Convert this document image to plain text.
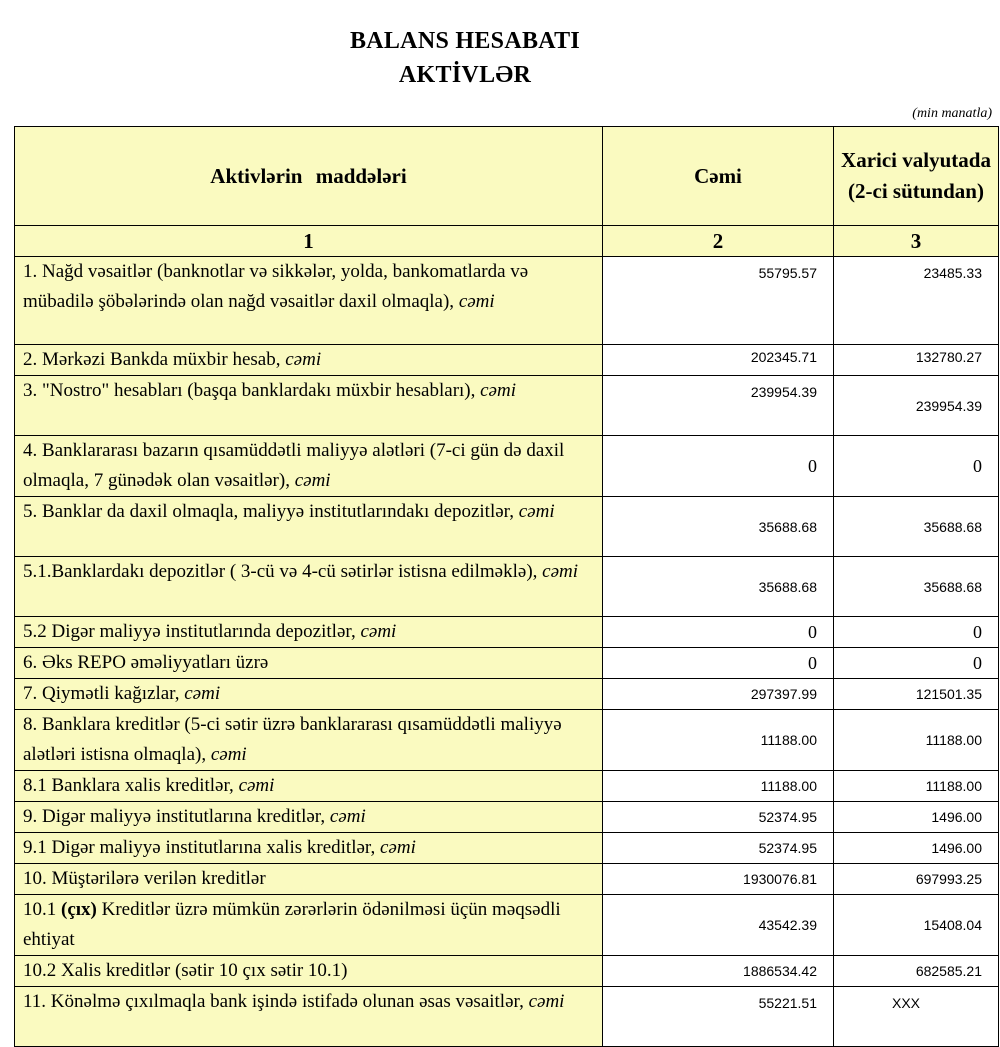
BALANS HESABATI
AKTİVLƏR
(min manatla)
Aktivlərin maddələri	Cəmi	Xarici valyutada (2-ci sütundan)
1	2	3
1. Nağd vəsaitlər (banknotlar və sikkələr, yolda, bankomatlarda və mübadilə şöbələrində olan nağd vəsaitlər daxil olmaqla), cəmi	55795.57	23485.33
2. Mərkəzi Bankda müxbir hesab, cəmi	202345.71	132780.27
3. "Nostro" hesabları (başqa banklardakı müxbir hesabları), cəmi	239954.39	239954.39
4. Banklararası bazarın qısamüddətli maliyyə alətləri (7-ci gün də daxil olmaqla, 7 günədək olan vəsaitlər), cəmi	0	0
5. Banklar da daxil olmaqla, maliyyə institutlarındakı depozitlər, cəmi	35688.68	35688.68
5.1.Banklardakı depozitlər ( 3-cü və 4-cü sətirlər istisna edilməklə), cəmi	35688.68	35688.68
5.2 Digər maliyyə institutlarında depozitlər, cəmi	0	0
6. Əks REPO əməliyyatları üzrə	0	0
7. Qiymətli kağızlar, cəmi	297397.99	121501.35
8. Banklara kreditlər (5-ci sətir üzrə banklararası qısamüddətli maliyyə alətləri istisna olmaqla), cəmi	11188.00	11188.00
8.1 Banklara xalis kreditlər, cəmi	11188.00	11188.00
9. Digər maliyyə institutlarına kreditlər, cəmi	52374.95	1496.00
9.1 Digər maliyyə institutlarına xalis kreditlər, cəmi	52374.95	1496.00
10. Müştərilərə verilən kreditlər	1930076.81	697993.25
10.1 (çıx) Kreditlər üzrə mümkün zərərlərin ödənilməsi üçün məqsədli ehtiyat	43542.39	15408.04
10.2 Xalis kreditlər (sətir 10 çıx sətir 10.1)	1886534.42	682585.21
11. Könəlmə çıxılmaqla bank işində istifadə olunan əsas vəsaitlər, cəmi	55221.51	XXX
